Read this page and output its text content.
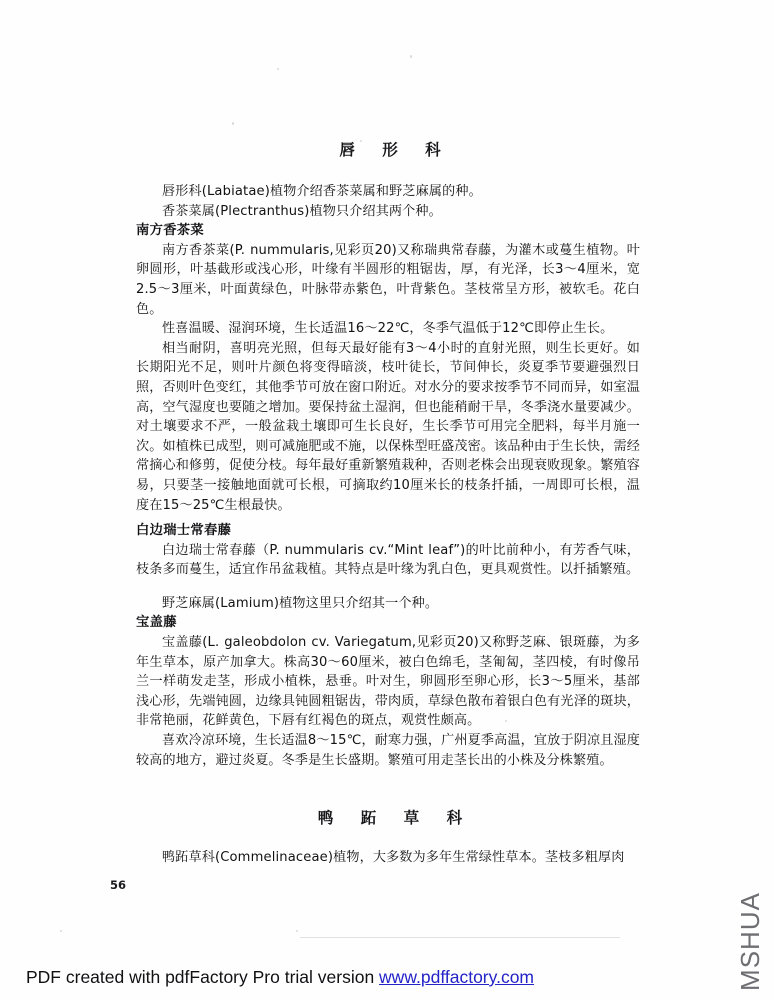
唇 形 科

唇形科(Labiatae)植物介绍香茶菜属和野芝麻属的种。

香茶菜属(Plectranthus)植物只介绍其两个种。

南方香茶菜

南方香茶菜(P. nummularis,见彩页20)又称瑞典常春藤，为灌木或蔓生植物。叶卵圆形，叶基截形或浅心形，叶缘有半圆形的粗锯齿，厚，有光泽，长3～4厘米，宽2.5～3厘米，叶面黄绿色，叶脉带赤紫色，叶背紫色。茎枝常呈方形，被软毛。花白色。

性喜温暖、湿润环境，生长适温16～22℃，冬季气温低于12℃即停止生长。

相当耐阴，喜明亮光照，但每天最好能有3～4小时的直射光照，则生长更好。如长期阳光不足，则叶片颜色将变得暗淡，枝叶徒长，节间伸长，炎夏季节要避强烈日照，否则叶色变红，其他季节可放在窗口附近。对水分的要求按季节不同而异，如室温高，空气湿度也要随之增加。要保持盆土湿润，但也能稍耐干旱，冬季浇水量要减少。对土壤要求不严，一般盆栽土壤即可生长良好，生长季节可用完全肥料，每半月施一次。如植株已成型，则可减施肥或不施，以保株型旺盛茂密。该品种由于生长快，需经常摘心和修剪，促使分枝。每年最好重新繁殖栽种，否则老株会出现衰败现象。繁殖容易，只要茎一接触地面就可长根，可摘取约10厘米长的枝条扦插，一周即可长根，温度在15～25℃生根最快。

白边瑞士常春藤

白边瑞士常春藤（P. nummularis cv.“Mint leaf”)的叶比前种小，有芳香气味，枝条多而蔓生，适宜作吊盆栽植。其特点是叶缘为乳白色，更具观赏性。以扦插繁殖。

野芝麻属(Lamium)植物这里只介绍其一个种。

宝盖藤

宝盖藤(L. galeobdolon cv. Variegatum,见彩页20)又称野芝麻、银斑藤，为多年生草本，原产加拿大。株高30～60厘米，被白色绵毛，茎匍匐，茎四棱，有时像吊兰一样萌发走茎，形成小植株，悬垂。叶对生，卵圆形至卵心形，长3～5厘米，基部浅心形，先端钝圆，边缘具钝圆粗锯齿，带肉质，草绿色散布着银白色有光泽的斑块，非常艳丽，花鲜黄色，下唇有红褐色的斑点，观赏性颇高。

喜欢冷凉环境，生长适温8～15℃，耐寒力强，广州夏季高温，宜放于阴凉且湿度较高的地方，避过炎夏。冬季是生长盛期。繁殖可用走茎长出的小株及分株繁殖。

鸭 跖 草 科

鸭跖草科(Commelinaceae)植物，大多数为多年生常绿性草本。茎枝多粗厚肉

56
PDF created with pdfFactory Pro trial version www.pdffactory.com	MSHUA
